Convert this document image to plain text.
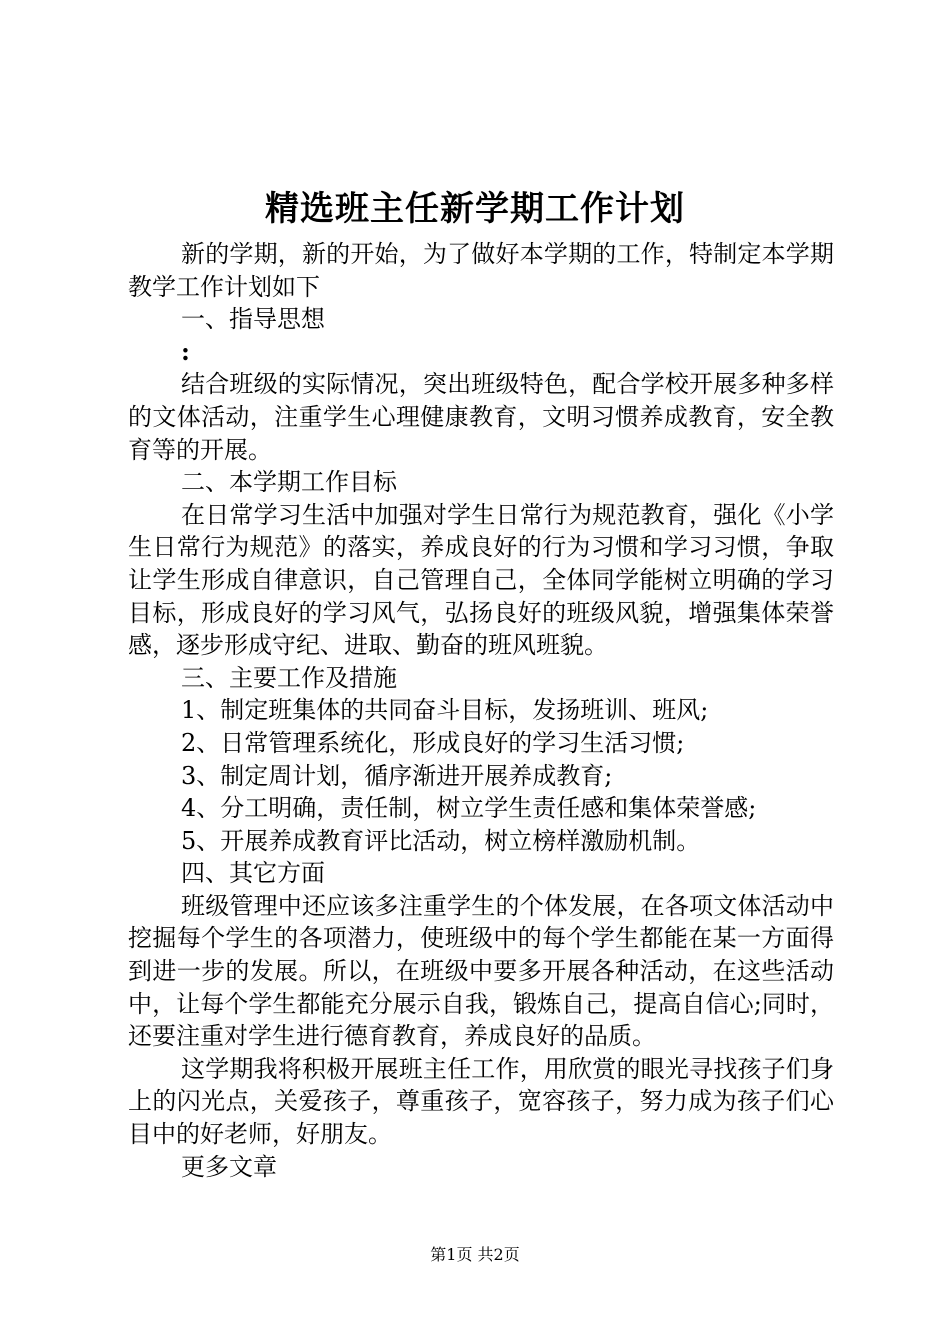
精选班主任新学期工作计划

新的学期，新的开始，为了做好本学期的工作，特制定本学期教学工作计划如下

一、指导思想

:

结合班级的实际情况，突出班级特色，配合学校开展多种多样的文体活动，注重学生心理健康教育，文明习惯养成教育，安全教育等的开展。

二、本学期工作目标

在日常学习生活中加强对学生日常行为规范教育，强化《小学生日常行为规范》的落实，养成良好的行为习惯和学习习惯，争取让学生形成自律意识，自己管理自己，全体同学能树立明确的学习目标，形成良好的学习风气，弘扬良好的班级风貌，增强集体荣誉感，逐步形成守纪、进取、勤奋的班风班貌。

三、主要工作及措施

1、制定班集体的共同奋斗目标，发扬班训、班风;

2、日常管理系统化，形成良好的学习生活习惯;

3、制定周计划，循序渐进开展养成教育;

4、分工明确，责任制，树立学生责任感和集体荣誉感;

5、开展养成教育评比活动，树立榜样激励机制。

四、其它方面

班级管理中还应该多注重学生的个体发展，在各项文体活动中挖掘每个学生的各项潜力，使班级中的每个学生都能在某一方面得到进一步的发展。所以，在班级中要多开展各种活动，在这些活动中，让每个学生都能充分展示自我，锻炼自己，提高自信心;同时，还要注重对学生进行德育教育，养成良好的品质。

这学期我将积极开展班主任工作，用欣赏的眼光寻找孩子们身上的闪光点，关爱孩子，尊重孩子，宽容孩子，努力成为孩子们心目中的好老师，好朋友。

更多文章

第1页 共2页
